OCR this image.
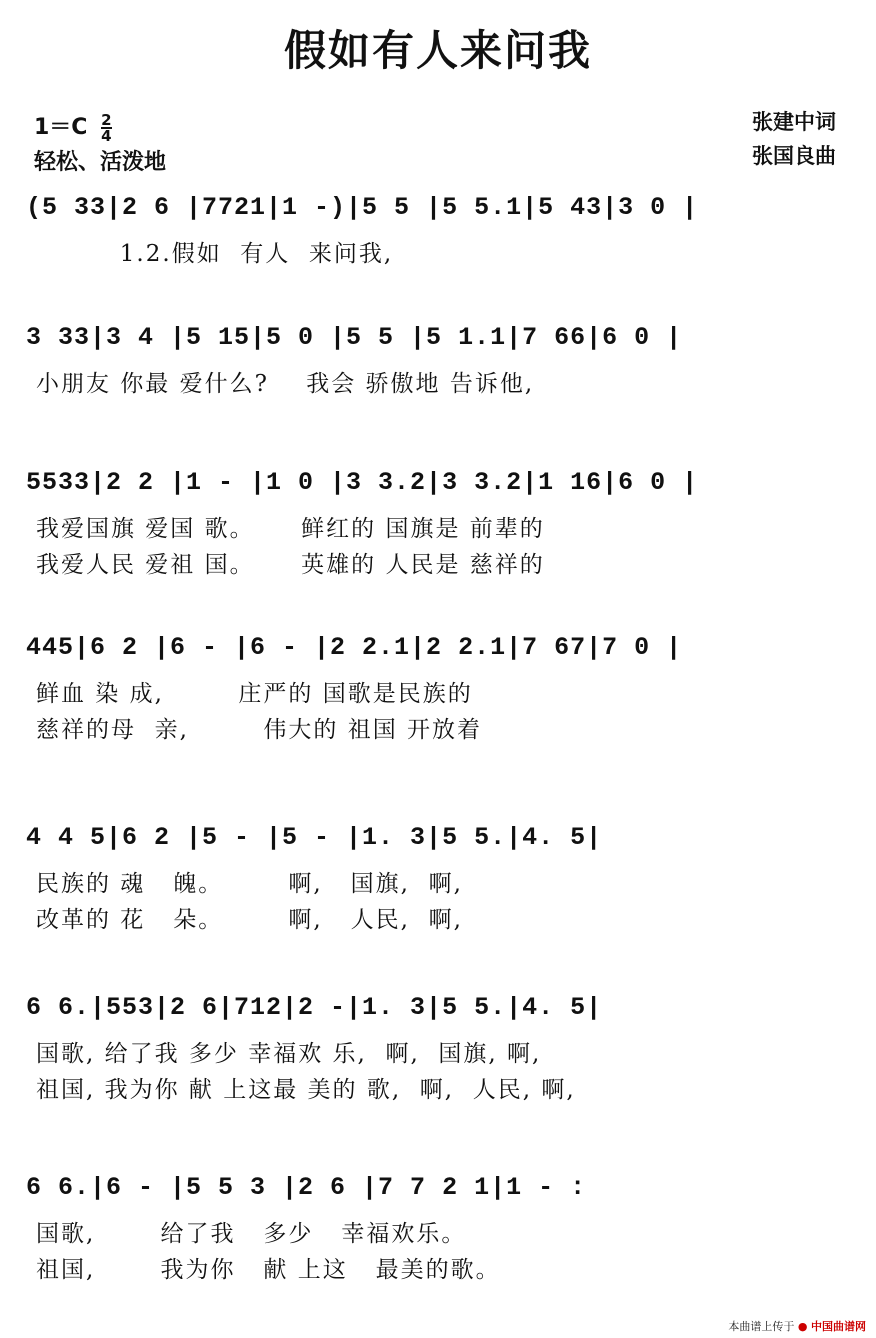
假如有人来问我
$1=C \frac{2}{4}$
轻松、活泼地
张建中词
张国良曲
(5 33|2 6 |7721|1 -)|5 5 |5 5.1|5 43|3 0 |
1.2.假如  有人  来问我,
3 33|3 4 |5 15|5 0 |5 5 |5 1.1|7 66|6 0 |
小朋友 你最 爱什么?    我会 骄傲地 告诉他,
5533|2 2 |1 - |1 0 |3 3.2|3 3.2|1 16|6 0 |
我爱国旗 爱国 歌。     鲜红的 国旗是 前辈的
我爱人民 爱祖 国。     英雄的 人民是 慈祥的
445|6 2 |6 - |6 - |2 2.1|2 2.1|7 67|7 0 |
鲜血 染 成,        庄严的 国歌是民族的
慈祥的母  亲,        伟大的 祖国 开放着
4 4 5|6 2 |5 - |5 - |1. 3|5 5.|4. 5|
民族的 魂   魄。       啊,   国旗,  啊,
改革的 花   朵。       啊,   人民,  啊,
6 6.|553|2 6|712|2 -|1. 3|5 5.|4. 5|
国歌, 给了我 多少 幸福欢 乐,  啊,  国旗, 啊,
祖国, 我为你 献 上这最 美的 歌,  啊,  人民, 啊,
6 6.|6 - |5 5 3 |2 6 |7 7 2 1|1 - :
国歌,       给了我   多少   幸福欢乐。
祖国,       我为你   献 上这   最美的歌。
本曲谱上传于 ● 中国曲谱网
